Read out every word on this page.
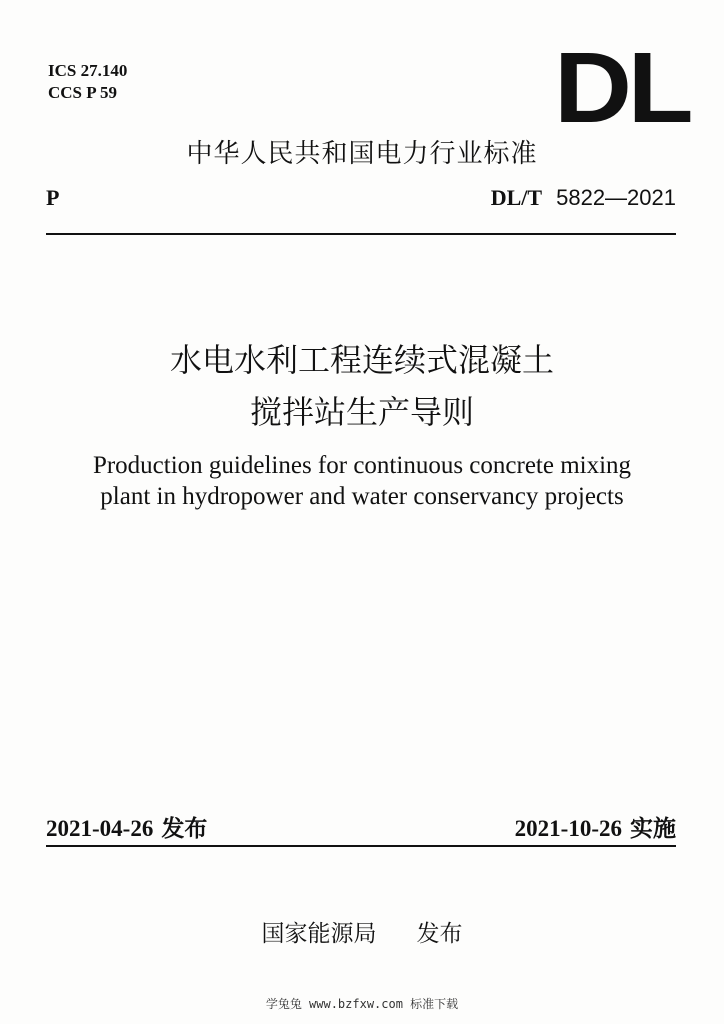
ICS 27.140
CCS P 59	DL
中华人民共和国电力行业标准
P	DL/T 5822—2021
水电水利工程连续式混凝土
搅拌站生产导则
Production guidelines for continuous concrete mixing
plant in hydropower and water conservancy projects
2021-04-26 发布	2021-10-26 实施
国家能源局 发布
学兔兔 www.bzfxw.com 标准下载
